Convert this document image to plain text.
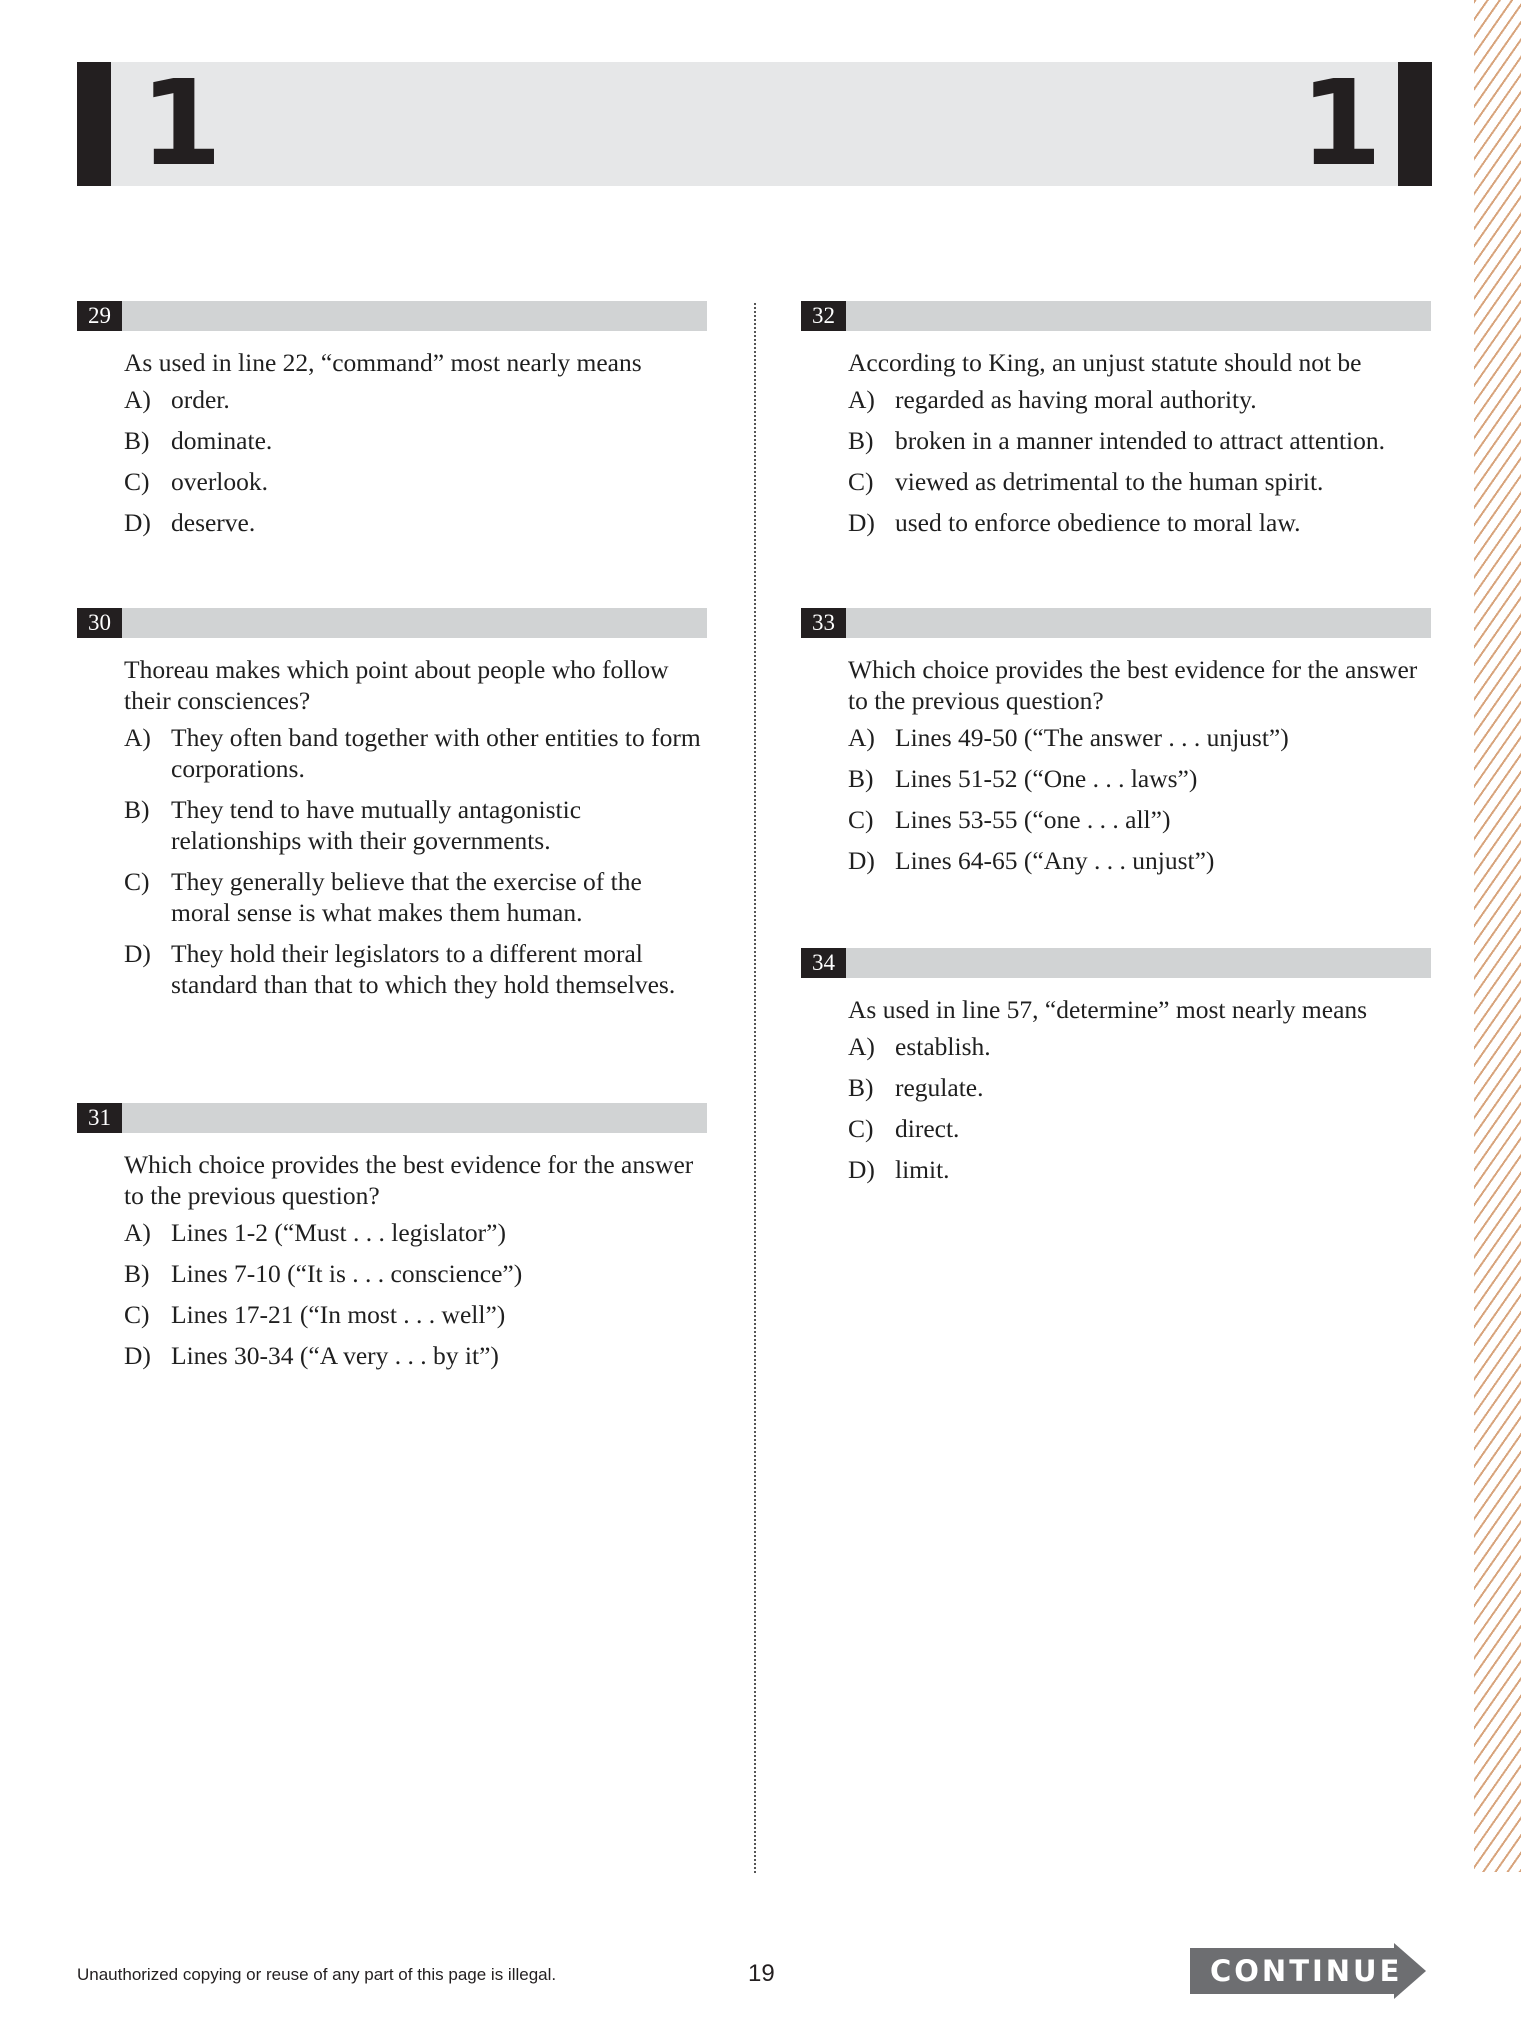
1	1
29
As used in line 22, “command” most nearly means
A) order.
B) dominate.
C) overlook.
D) deserve.
30
Thoreau makes which point about people who follow their consciences?
A) They often band together with other entities to form corporations.
B) They tend to have mutually antagonistic relationships with their governments.
C) They generally believe that the exercise of the moral sense is what makes them human.
D) They hold their legislators to a different moral standard than that to which they hold themselves.
31
Which choice provides the best evidence for the answer to the previous question?
A) Lines 1-2 (“Must . . . legislator”)
B) Lines 7-10 (“It is . . . conscience”)
C) Lines 17-21 (“In most . . . well”)
D) Lines 30-34 (“A very . . . by it”)
32
According to King, an unjust statute should not be
A) regarded as having moral authority.
B) broken in a manner intended to attract attention.
C) viewed as detrimental to the human spirit.
D) used to enforce obedience to moral law.
33
Which choice provides the best evidence for the answer to the previous question?
A) Lines 49-50 (“The answer . . . unjust”)
B) Lines 51-52 (“One . . . laws”)
C) Lines 53-55 (“one . . . all”)
D) Lines 64-65 (“Any . . . unjust”)
34
As used in line 57, “determine” most nearly means
A) establish.
B) regulate.
C) direct.
D) limit.
Unauthorized copying or reuse of any part of this page is illegal.	19	CONTINUE
